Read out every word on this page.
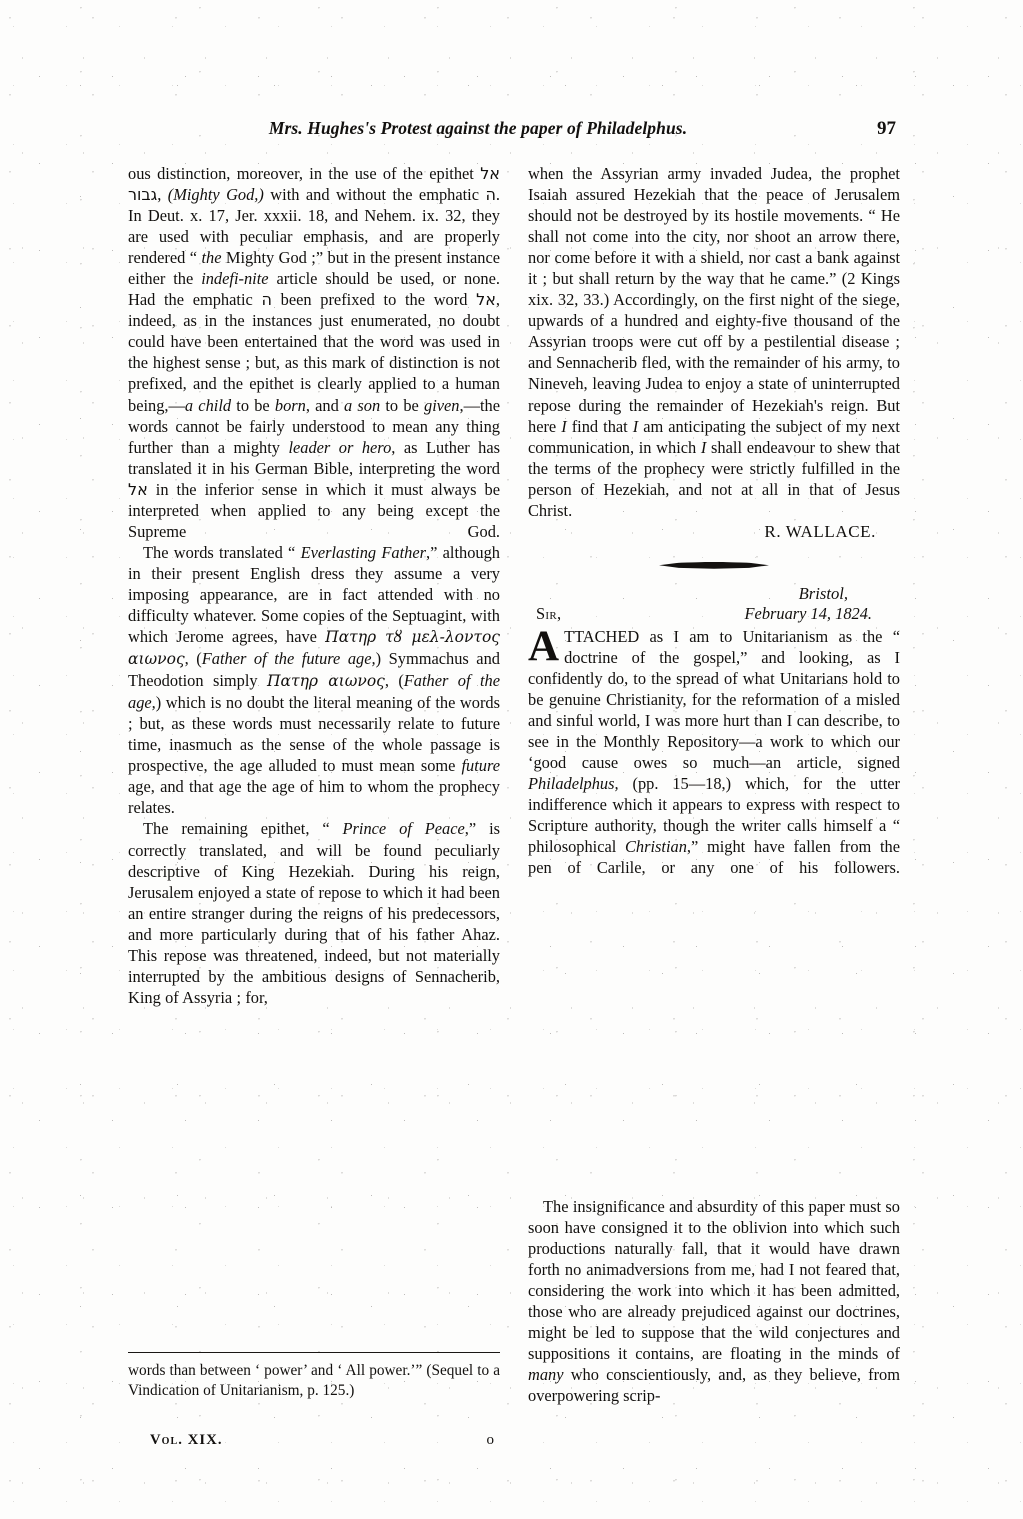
Mrs. Hughes's Protest against the paper of Philadelphus.	97

ous distinction, moreover, in the use of the epithet אל גבור, (Mighty God,) with and without the emphatic ה. In Deut. x. 17, Jer. xxxii. 18, and Nehem. ix. 32, they are used with peculiar emphasis, and are properly rendered “ the Mighty God ;” but in the present instance either the indefi-nite article should be used, or none. Had the emphatic ה been prefixed to the word אל, indeed, as in the instances just enumerated, no doubt could have been entertained that the word was used in the highest sense ; but, as this mark of distinction is not prefixed, and the epithet is clearly applied to a human being,—a child to be born, and a son to be given,—the words cannot be fairly understood to mean any thing further than a mighty leader or hero, as Luther has translated it in his German Bible, interpreting the word אל in the inferior sense in which it must always be interpreted when applied to any being except the Supreme God.

The words translated “ Everlasting Father,” although in their present English dress they assume a very imposing appearance, are in fact attended with no difficulty whatever. Some copies of the Septuagint, with which Jerome agrees, have Πατηρ τȣ μελ-λοντος αιωνος, (Father of the future age,) Symmachus and Theodotion simply Πατηρ αιωνος, (Father of the age,) which is no doubt the literal meaning of the words ; but, as these words must necessarily relate to future time, inasmuch as the sense of the whole passage is prospective, the age alluded to must mean some future age, and that age the age of him to whom the prophecy relates.

The remaining epithet, “ Prince of Peace,” is correctly translated, and will be found peculiarly descriptive of King Hezekiah. During his reign, Jerusalem enjoyed a state of repose to which it had been an entire stranger during the reigns of his predecessors, and more particularly during that of his father Ahaz. This repose was threatened, indeed, but not materially interrupted by the ambitious designs of Sennacherib, King of Assyria ; for,

when the Assyrian army invaded Judea, the prophet Isaiah assured Hezekiah that the peace of Jerusalem should not be destroyed by its hostile movements. “ He shall not come into the city, nor shoot an arrow there, nor come before it with a shield, nor cast a bank against it ; but shall return by the way that he came.” (2 Kings xix. 32, 33.) Accordingly, on the first night of the siege, upwards of a hundred and eighty-five thousand of the Assyrian troops were cut off by a pestilential disease ; and Sennacherib fled, with the remainder of his army, to Nineveh, leaving Judea to enjoy a state of uninterrupted repose during the remainder of Hezekiah's reign. But here I find that I am anticipating the subject of my next communication, in which I shall endeavour to shew that the terms of the prophecy were strictly fulfilled in the person of Hezekiah, and not at all in that of Jesus Christ.

R. WALLACE.
Bristol,
Sir,	February 14, 1824.
ATTACHED as I am to Unitarianism as the “ doctrine of the gospel,” and looking, as I confidently do, to the spread of what Unitarians hold to be genuine Christianity, for the reformation of a misled and sinful world, I was more hurt than I can describe, to see in the Monthly Repository—a work to which our ‘good cause owes so much—an article, signed Philadelphus, (pp. 15—18,) which, for the utter indifference which it appears to express with respect to Scripture authority, though the writer calls himself a “ philosophical Christian,” might have fallen from the pen of Carlile, or any one of his followers.

The insignificance and absurdity of this paper must so soon have consigned it to the oblivion into which such productions naturally fall, that it would have drawn forth no animadversions from me, had I not feared that, considering the work into which it has been admitted, those who are already prejudiced against our doctrines, might be led to suppose that the wild conjectures and suppositions it contains, are floating in the minds of many who conscientiously, and, as they believe, from overpowering scrip-

words than between ‘ power’ and ‘ All power.’” (Sequel to a Vindication of Unitarianism, p. 125.)
Vol. XIX.	o
